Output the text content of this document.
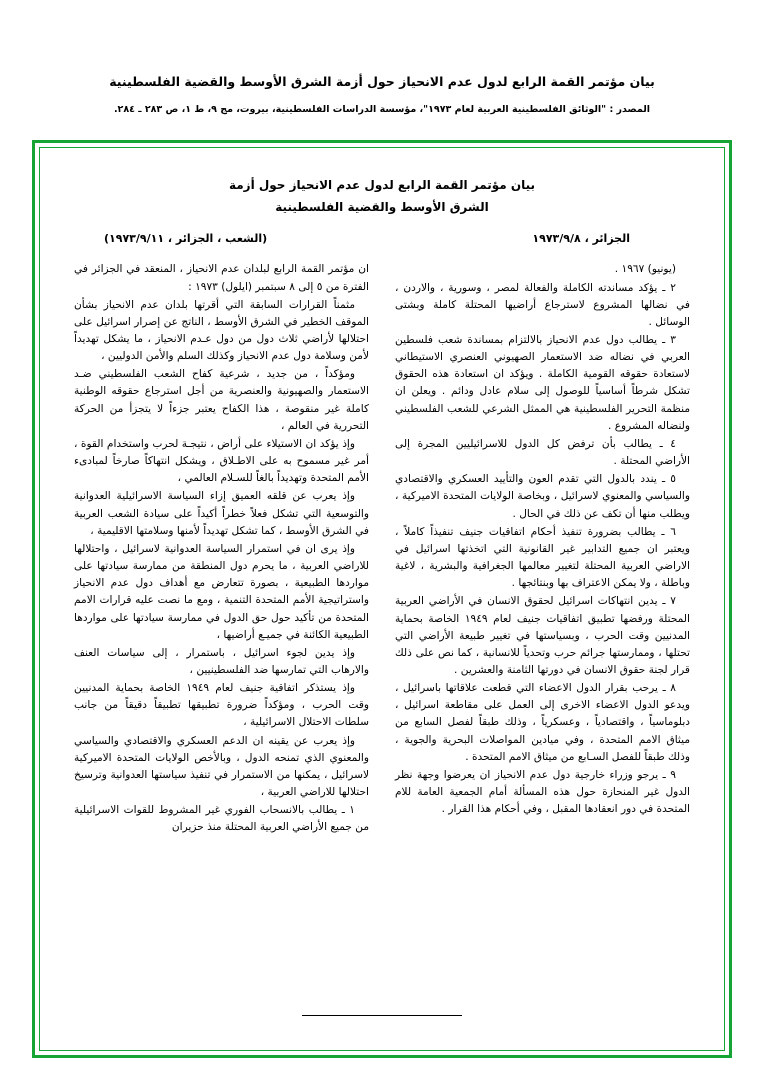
بيان مؤتمر القمة الرابع لدول عدم الانحياز حول أزمة الشرق الأوسط والقضية الفلسطينية
المصدر : "الوثائق الفلسطينية العربية لعام ١٩٧٣"، مؤسسة الدراسات الفلسطينية، بيروت، مج ٩، ط ١، ص ٢٨٣ ـ ٢٨٤.
بيان مؤتمر القمة الرابع لدول عدم الانحياز حول أزمة
الشرق الأوسط والقضية الفلسطينية
الجزائر ، ١٩٧٣/٩/٨
(الشعب ، الجزائر ، ١٩٧٣/٩/١١)

(يونيو) ١٩٦٧ .

٢ ـ يؤكد مساندته الكاملة والفعالة لمصر ، وسورية ، والاردن ، في نضالها المشروع لاسترجاع أراضيها المحتلة كاملة وبشتى الوسائل .

٣ ـ يطالب دول عدم الانحياز بالالتزام بمساندة شعب فلسطين العربي في نضاله ضد الاستعمار الصهيوني العنصري الاستيطاني لاستعادة حقوقه القومية الكاملة . ويؤكد ان استعادة هذه الحقوق تشكل شرطاً أساسياً للوصول إلى سلام عادل ودائم . ويعلن ان منظمة التحرير الفلسطينية هي الممثل الشرعي للشعب الفلسطيني ولنضاله المشروع .

٤ ـ يطالب بأن ترفض كل الدول للاسرائيليين المجرة إلى الأراضي المحتلة .

٥ ـ يندد بالدول التي تقدم العون والتأييد العسكري والاقتصادي والسياسي والمعنوي لاسرائيل ، وبخاصة الولايات المتحدة الاميركية ، ويطلب منها أن تكف عن ذلك في الحال .

٦ ـ يطالب بضرورة تنفيذ أحكام اتفاقيات جنيف تنفيذاً كاملاً ، ويعتبر ان جميع التدابير غير القانونية التي اتخذتها اسرائيل في الاراضي العربية المحتلة لتغيير معالمها الجغرافية والبشرية ، لاغية وباطلة ، ولا يمكن الاعتراف بها وبنتائجها .

٧ ـ يدين انتهاكات اسرائيل لحقوق الانسان في الأراضي العربية المحتلة ورفضها تطبيق اتفاقيات جنيف لعام ١٩٤٩ الخاصة بحماية المدنيين وقت الحرب ، وبسياستها في تغيير طبيعة الأراضي التي تحتلها ، وممارستها جرائم حرب وتحدياً للانسانية ، كما نص على ذلك قرار لجنة حقوق الانسان في دورتها الثامنة والعشرين .

٨ ـ يرحب بقرار الدول الاعضاء التي قطعت علاقاتها باسرائيل ، ويدعو الدول الاعضاء الاخرى إلى العمل على مقاطعة اسرائيل ، دبلوماسياً ، واقتصادياً ، وعسكرياً ، وذلك طبقاً لفصل السابع من ميثاق الامم المتحدة ، وفي ميادين المواصلات البحرية والجوية ، وذلك طبقاً للفصل السـابع من ميثاق الامم المتحدة .

٩ ـ يرجو وزراء خارجية دول عدم الانحياز ان يعرضوا وجهة نظر الدول غير المنحازة حول هذه المسألة أمام الجمعية العامة للام المتحدة في دور انعقادها المقبل ، وفي أحكام هذا القرار .

ان مؤتمر القمة الرابع لبلدان عدم الانحياز ، المنعقد في الجزائر في الفترة من ٥ إلى ٨ سبتمبر (ايلول) ١٩٧٣ :

مثمناً القرارات السابقة التي أقرتها بلدان عدم الانحياز بشأن الموقف الخطير في الشرق الأوسط ، الناتج عن إصرار اسرائيل على احتلالها لأراضي ثلاث دول من دول عـدم الانحياز ، ما يشكل تهديداً لأمن وسلامة دول عدم الانحياز وكذلك السلم والأمن الدوليين ،

ومؤكداً ، من جديد ، شرعية كفاح الشعب الفلسطيني ضـد الاستعمار والصهيونية والعنصرية من أجل استرجاع حقوقه الوطنية كاملة غير منقوصة ، هذا الكفاح يعتبر جزءاً لا يتجزأ من الحركة التحررية في العالم ،

وإذ يؤكد ان الاستيلاء على أراض ، نتيجـة لحرب واستخدام القوة ، أمر غير مسموح به على الاطـلاق ، ويشكل انتهاكاً صارخاً لمبادىء الأمم المتحدة وتهديداً بالغاً للسـلام العالمي ،

وإذ يعرب عن قلقه العميق إزاء السياسة الاسرائيلية العدوانية والتوسعية التي تشكل فعلاً خطراً أكيداً على سيادة الشعب العربية في الشرق الأوسط ، كما تشكل تهديداً لأمنها وسلامتها الاقليمية ،

وإذ يرى ان في استمرار السياسة العدوانية لاسرائيل ، واحتلالها للاراضي العربية ، ما يحرم دول المنطقة من ممارسة سيادتها على مواردها الطبيعية ، بصورة تتعارض مع أهداف دول عدم الانحياز واستراتيجية الأمم المتحدة التنمية ، ومع ما نصت عليه قرارات الامم المتحدة من تأكيد حول حق الدول في ممارسة سيادتها على مواردها الطبيعية الكائنة في جميـع أراضيها ،

وإذ يدين لجوء اسرائيل ، باستمرار ، إلى سياسات العنف والارهاب التي تمارسها ضد الفلسطينيين ،

وإذ يستذكر اتفاقية جنيف لعام ١٩٤٩ الخاصة بحماية المدنيين وقت الحرب ، ومؤكداً ضرورة تطبيقها تطبيقاً دقيقاً من جانب سلطات الاحتلال الاسرائيلية ،

وإذ يعرب عن يقينه ان الدعم العسكري والاقتصادي والسياسي والمعنوي الذي تمنحه الدول ، وبالأخص الولايات المتحدة الاميركية لاسرائيل ، يمكنها من الاستمرار في تنفيذ سياستها العدوانية وترسيخ احتلالها للاراضي العربية ،

١ ـ يطالب بالانسحاب الفوري غير المشروط للقوات الاسرائيلية من جميع الأراضي العربية المحتلة منذ حزيران
